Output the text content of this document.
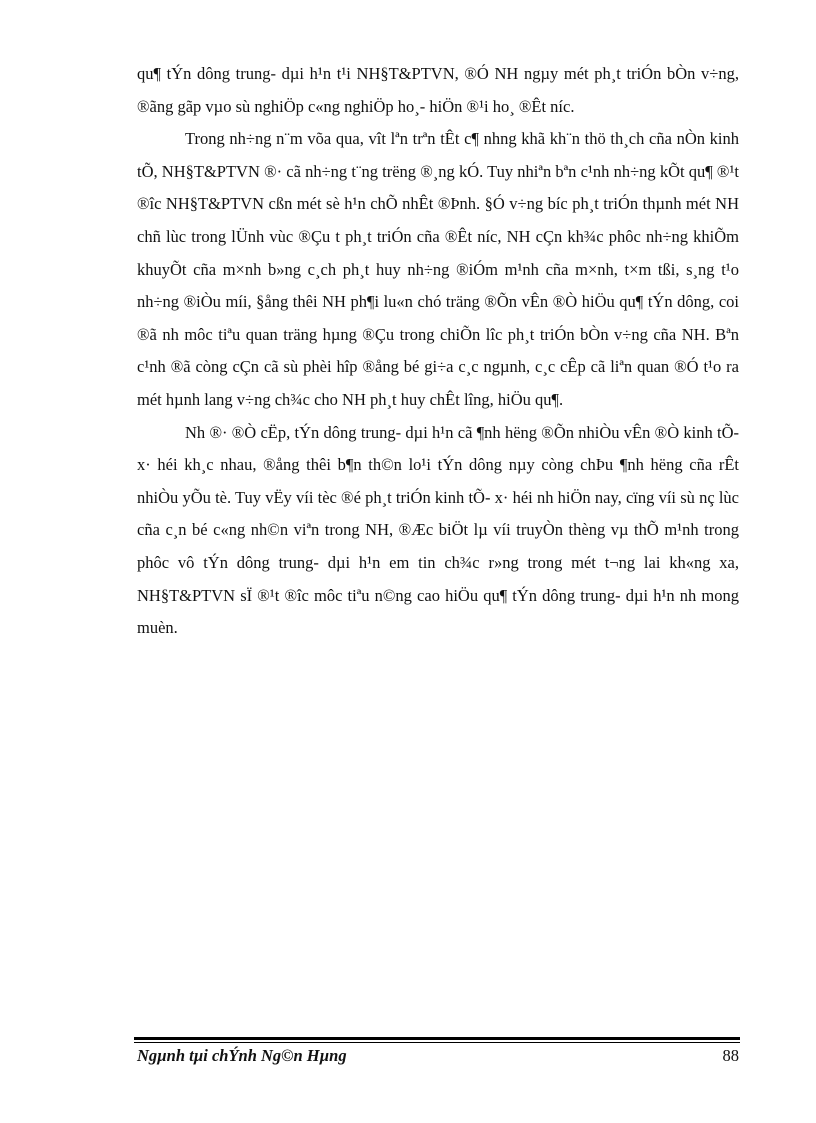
qu¶ tÝn dông trung- dµi h¹n t¹i NH§T&PTVN, ®Ó NH ngµy mét ph¸t triÓn bÒn v÷ng, ®ãng gãp vµo sù nghiÖp c«ng nghiÖp ho¸- hiÖn ®¹i ho¸ ®Êt níc.

Trong nh÷ng n¨m võa qua, vît lªn trªn tÊt c¶ nhng khã kh¨n thö th¸ch cña nÒn kinh tÕ, NH§T&PTVN ®· cã nh÷ng t¨ng trëng ®¸ng kÓ. Tuy nhiªn bªn c¹nh nh÷ng kÕt qu¶ ®¹t ®îc NH§T&PTVN cßn mét sè h¹n chÕ nhÊt ®Þnh. §Ó v÷ng bíc ph¸t triÓn thµnh mét NH chñ lùc trong lÜnh vùc ®Çu t ph¸t triÓn cña ®Êt níc, NH cÇn kh¾c phôc nh÷ng khiÕm khuyÕt cña m×nh b»ng c¸ch ph¸t huy nh÷ng ®iÓm m¹nh cña m×nh, t×m tßi, s¸ng t¹o nh÷ng ®iÒu míi, §ång thêi NH ph¶i lu«n chó träng ®Õn vÊn ®Ò hiÖu qu¶ tÝn dông, coi ®ã nh môc tiªu quan träng hµng ®Çu trong chiÕn lîc ph¸t triÓn bÒn v÷ng cña NH. Bªn c¹nh ®ã còng cÇn cã sù phèi hîp ®ång bé gi÷a c¸c ngµnh, c¸c cÊp cã liªn quan ®Ó t¹o ra mét hµnh lang v÷ng ch¾c cho NH ph¸t huy chÊt lîng, hiÖu qu¶.

Nh ®· ®Ò cËp, tÝn dông trung- dµi h¹n cã ¶nh hëng ®Õn nhiÒu vÊn ®Ò kinh tÕ- x· héi kh¸c nhau, ®ång thêi b¶n th©n lo¹i tÝn dông nµy còng chÞu ¶nh hëng cña rÊt nhiÒu yÕu tè. Tuy vËy víi tèc ®é ph¸t triÓn kinh tÕ- x· héi nh hiÖn nay, cïng víi sù nç lùc cña c¸n bé c«ng nh©n viªn trong NH, ®Æc biÖt lµ víi truyÒn thèng vµ thÕ m¹nh trong phôc vô tÝn dông trung- dµi h¹n em tin ch¾c r»ng trong mét t¬ng lai kh«ng xa, NH§T&PTVN sÏ ®¹t ®îc môc tiªu n©ng cao hiÖu qu¶ tÝn dông trung- dµi h¹n nh mong muèn.

Ngµnh tµi chÝnh Ng©n Hµng	88
